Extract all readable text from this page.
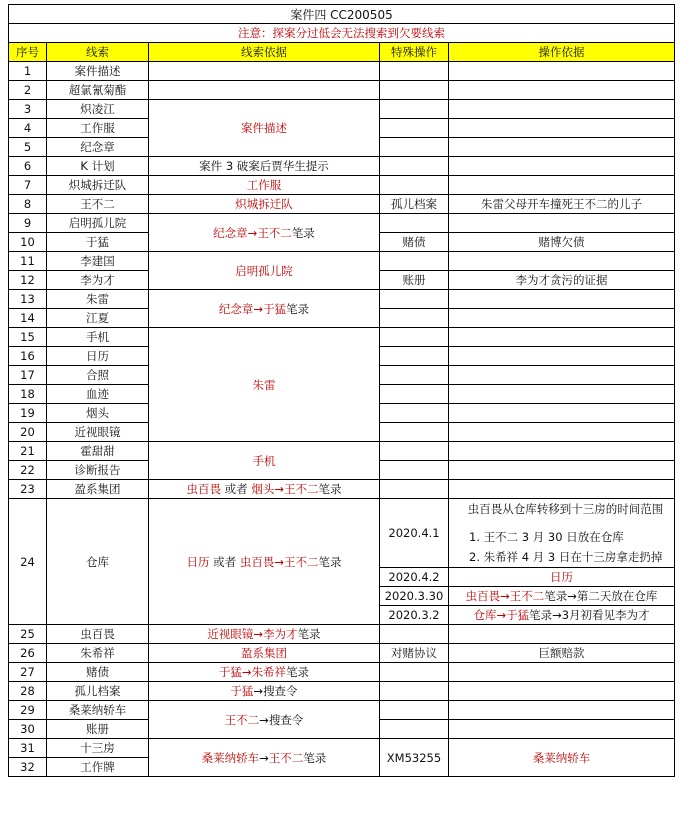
案件四 CC200505				
注意：探案分过低会无法搜索到欠要线索				
序号	线索	线索依据	特殊操作	操作依据
1	案件描述			
2	超氯氰菊酯			
3	炽凌江	案件描述		
4	工作服			
5	纪念章			
6	K 计划	案件 3 破案后贾华生提示		
7	炽城拆迁队	工作服		
8	王不二	炽城拆迁队	孤儿档案	朱雷父母开车撞死王不二的儿子
9	启明孤儿院	纪念章→王不二笔录		
10	于猛		赌债	赌博欠债
11	李建国	启明孤儿院		
12	李为才		账册	李为才贪污的证据
13	朱雷	纪念章→于猛笔录		
14	江夏			
15	手机	朱雷		
16	日历			
17	合照			
18	血迹			
19	烟头			
20	近视眼镜			
21	霍甜甜	手机		
22	诊断报告			
23	盈系集团	虫百畏 或者 烟头→王不二笔录		
24	仓库	日历 或者 虫百畏→王不二笔录	2020.4.1	虫百畏从仓库转移到十三房的时间范围
1. 王不二 3 月 30 日放在仓库
2. 朱希祥 4 月 3 日在十三房拿走扔掉

			2020.4.2	日历
			2020.3.30	虫百畏→王不二笔录→第二天放在仓库
			2020.3.2	仓库→于猛笔录→3月初看见李为才
25	虫百畏	近视眼镜→李为才笔录		
26	朱希祥	盈系集团	对赌协议	巨额赔款
27	赌债	于猛→朱希祥笔录		
28	孤儿档案	于猛→搜查令		
29	桑莱纳轿车	王不二→搜查令		
30	账册			
31	十三房	桑莱纳轿车→王不二笔录	XM53255	桑莱纳轿车
32	工作牌			
